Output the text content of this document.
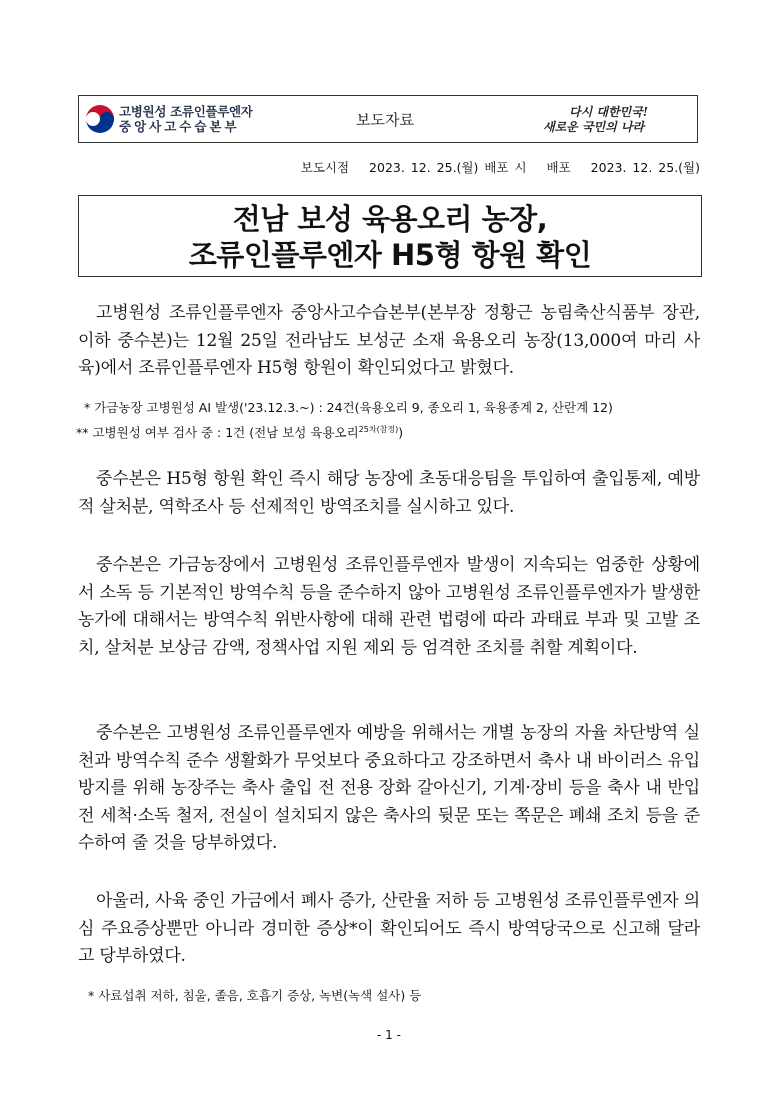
고병원성 조류인플루엔자
중앙사고수습본부	보도자료	다시 대한민국!
새로운 국민의 나라
보도시점 2023. 12. 25.(월) 배포 시 배포 2023. 12. 25.(월)
전남 보성 육용오리 농장,
조류인플루엔자 H5형 항원 확인
고병원성 조류인플루엔자 중앙사고수습본부(본부장 정황근 농림축산식품부 장관, 이하 중수본)는 12월 25일 전라남도 보성군 소재 육용오리 농장(13,000여 마리 사육)에서 조류인플루엔자 H5형 항원이 확인되었다고 밝혔다.
* 가금농장 고병원성 AI 발생('23.12.3.~) : 24건(육용오리 9, 종오리 1, 육용종계 2, 산란계 12)
** 고병원성 여부 검사 중 : 1건 (전남 보성 육용오리$^{25차(참정)}$)
중수본은 H5형 항원 확인 즉시 해당 농장에 초동대응팀을 투입하여 출입통제, 예방적 살처분, 역학조사 등 선제적인 방역조치를 실시하고 있다.
중수본은 가금농장에서 고병원성 조류인플루엔자 발생이 지속되는 엄중한 상황에서 소독 등 기본적인 방역수칙 등을 준수하지 않아 고병원성 조류인플루엔자가 발생한 농가에 대해서는 방역수칙 위반사항에 대해 관련 법령에 따라 과태료 부과 및 고발 조치, 살처분 보상금 감액, 정책사업 지원 제외 등 엄격한 조치를 취할 계획이다.
중수본은 고병원성 조류인플루엔자 예방을 위해서는 개별 농장의 자율 차단방역 실천과 방역수칙 준수 생활화가 무엇보다 중요하다고 강조하면서 축사 내 바이러스 유입 방지를 위해 농장주는 축사 출입 전 전용 장화 갈아신기, 기계·장비 등을 축사 내 반입 전 세척·소독 철저, 전실이 설치되지 않은 축사의 뒷문 또는 쪽문은 폐쇄 조치 등을 준수하여 줄 것을 당부하였다.
아울러, 사육 중인 가금에서 폐사 증가, 산란율 저하 등 고병원성 조류인플루엔자 의심 주요증상뿐만 아니라 경미한 증상*이 확인되어도 즉시 방역당국으로 신고해 달라고 당부하였다.
* 사료섭취 저하, 침울, 졸음, 호흡기 증상, 녹변(녹색 설사) 등
- 1 -
